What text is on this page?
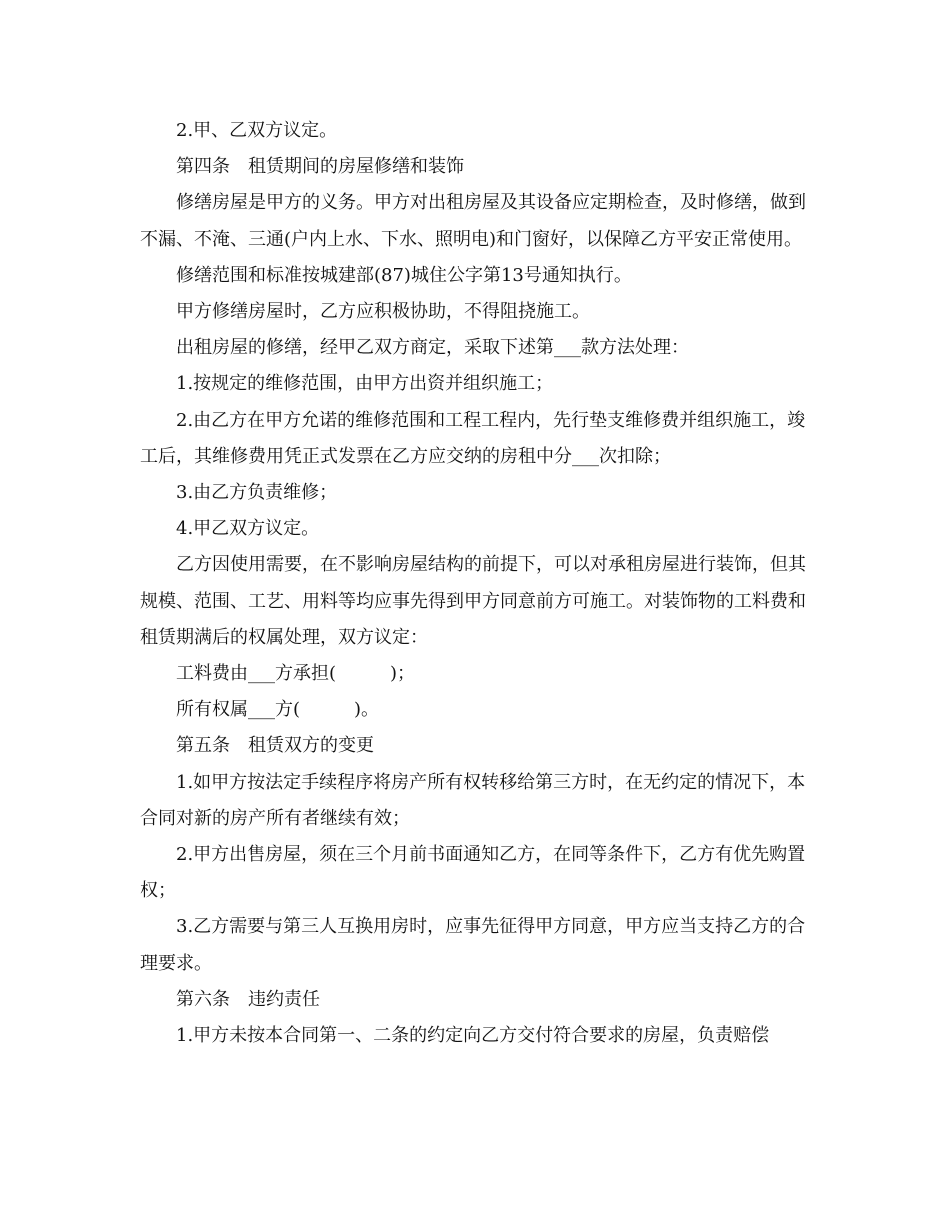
2.甲、乙双方议定。

第四条　租赁期间的房屋修缮和装饰

修缮房屋是甲方的义务。甲方对出租房屋及其设备应定期检查，及时修缮，做到不漏、不淹、三通(户内上水、下水、照明电)和门窗好，以保障乙方平安正常使用。

修缮范围和标准按城建部(87)城住公字第13号通知执行。

甲方修缮房屋时，乙方应积极协助，不得阻挠施工。

出租房屋的修缮，经甲乙双方商定，采取下述第___款方法处理：

1.按规定的维修范围，由甲方出资并组织施工；

2.由乙方在甲方允诺的维修范围和工程工程内，先行垫支维修费并组织施工，竣工后，其维修费用凭正式发票在乙方应交纳的房租中分___次扣除；

3.由乙方负责维修；

4.甲乙双方议定。

乙方因使用需要，在不影响房屋结构的前提下，可以对承租房屋进行装饰，但其规模、范围、工艺、用料等均应事先得到甲方同意前方可施工。对装饰物的工料费和租赁期满后的权属处理，双方议定：

工料费由___方承担(　　　)；

所有权属___方(　　　)。

第五条　租赁双方的变更

1.如甲方按法定手续程序将房产所有权转移给第三方时，在无约定的情况下，本合同对新的房产所有者继续有效；

2.甲方出售房屋，须在三个月前书面通知乙方，在同等条件下，乙方有优先购置权；

3.乙方需要与第三人互换用房时，应事先征得甲方同意，甲方应当支持乙方的合理要求。

第六条　违约责任

1.甲方未按本合同第一、二条的约定向乙方交付符合要求的房屋，负责赔偿
